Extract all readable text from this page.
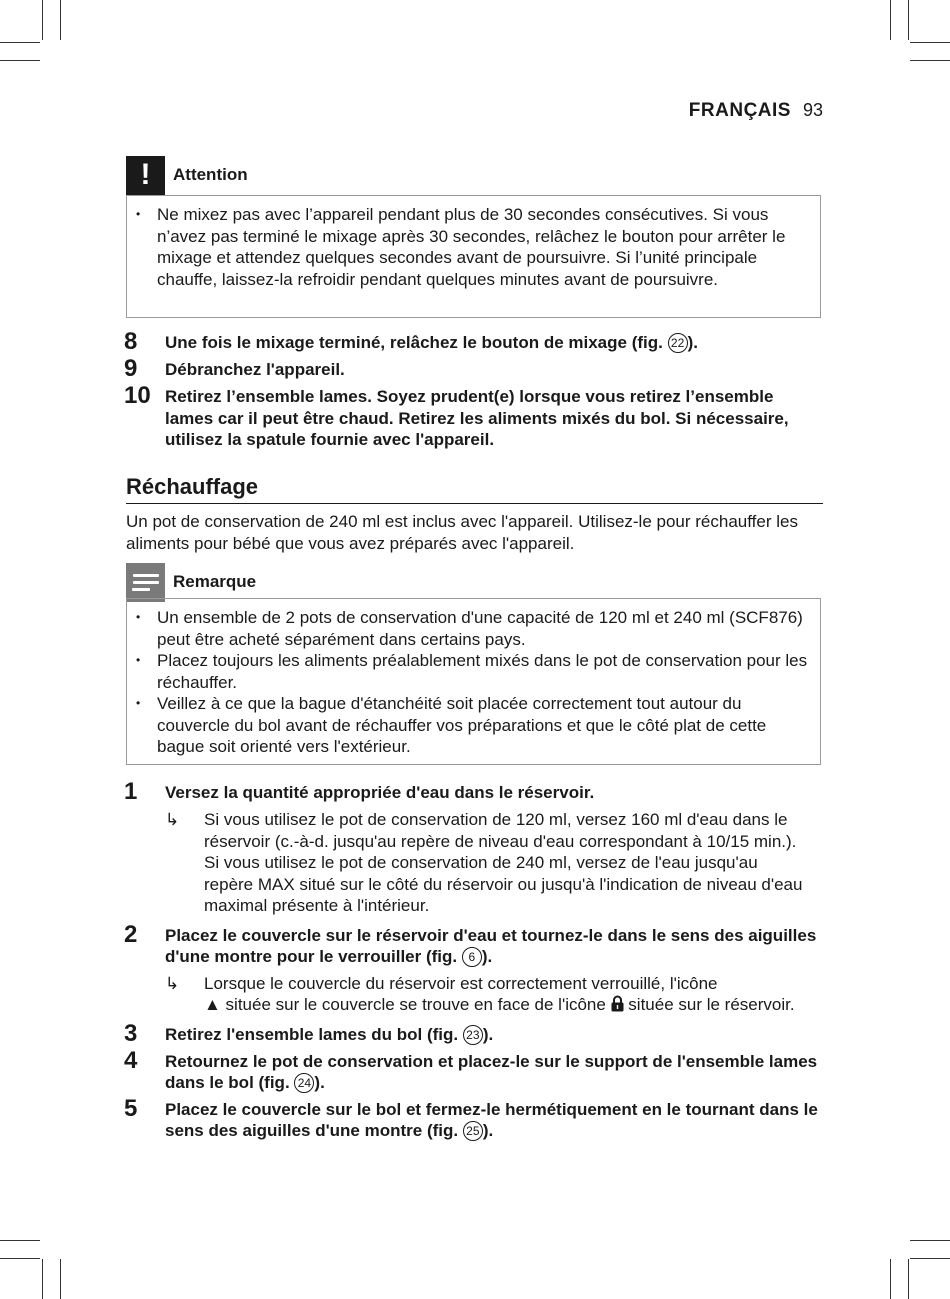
FRANÇAIS 93
!	Attention
• Ne mixez pas avec l’appareil pendant plus de 30 secondes consécutives. Si vous n’avez pas terminé le mixage après 30 secondes, relâchez le bouton pour arrêter le mixage et attendez quelques secondes avant de poursuivre. Si l’unité principale chauffe, laissez-la refroidir pendant quelques minutes avant de poursuivre.
8	Une fois le mixage terminé, relâchez le bouton de mixage (fig. 22 ).
9	Débranchez l'appareil.
10 Retirez l’ensemble lames. Soyez prudent(e) lorsque vous retirez l’ensemble lames car il peut être chaud. Retirez les aliments mixés du bol. Si nécessaire, utilisez la spatule fournie avec l'appareil.
Réchauffage
Un pot de conservation de 240 ml est inclus avec l'appareil. Utilisez-le pour réchauffer les aliments pour bébé que vous avez préparés avec l'appareil.
Remarque
• Un ensemble de 2 pots de conservation d'une capacité de 120 ml et 240 ml (SCF876) peut être acheté séparément dans certains pays.
• Placez toujours les aliments préalablement mixés dans le pot de conservation pour les réchauffer.
• Veillez à ce que la bague d'étanchéité soit placée correctement tout autour du couvercle du bol avant de réchauffer vos préparations et que le côté plat de cette bague soit orienté vers l'extérieur.
1	Versez la quantité appropriée d'eau dans le réservoir.
↳	Si vous utilisez le pot de conservation de 120 ml, versez 160 ml d'eau dans le réservoir (c.-à-d. jusqu'au repère de niveau d'eau correspondant à 10/15 min.). Si vous utilisez le pot de conservation de 240 ml, versez de l'eau jusqu'au repère MAX situé sur le côté du réservoir ou jusqu'à l'indication de niveau d'eau maximal présente à l'intérieur.
2	Placez le couvercle sur le réservoir d'eau et tournez-le dans le sens des aiguilles d'une montre pour le verrouiller (fig. 6 ).
↳	Lorsque le couvercle du réservoir est correctement verrouillé, l'icône
▲ située sur le couvercle se trouve en face de l'icône  située sur le réservoir.
3	Retirez l'ensemble lames du bol (fig. 23 ).
4	Retournez le pot de conservation et placez-le sur le support de l'ensemble lames dans le bol (fig. 24 ).
5	Placez le couvercle sur le bol et fermez-le hermétiquement en le tournant dans le sens des aiguilles d'une montre (fig. 25 ).
